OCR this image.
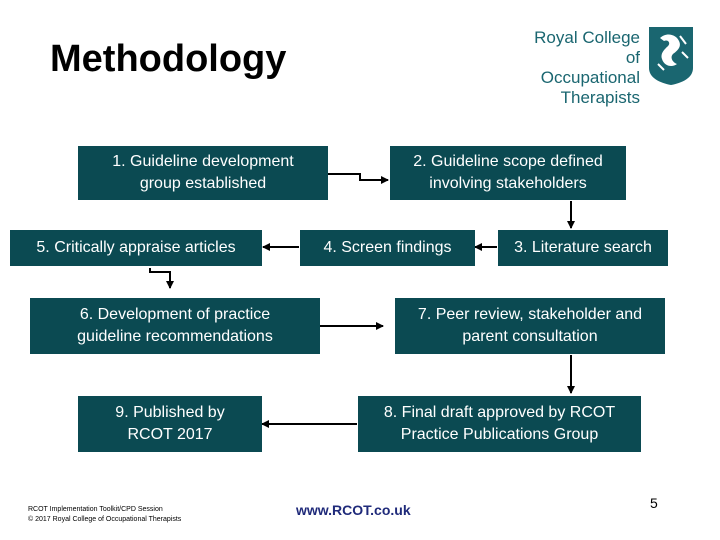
Methodology
Royal College of
Occupational
Therapists
1. Guideline development
group established
2. Guideline scope defined
involving stakeholders
3. Literature search
4. Screen findings
5. Critically appraise articles
6. Development of practice
guideline recommendations
7. Peer review, stakeholder and
parent consultation
8. Final draft approved by RCOT
Practice Publications Group
9. Published by
RCOT 2017
RCOT Implementation Toolkit/CPD Session
© 2017 Royal College of Occupational Therapists
www.RCOT.co.uk	5
